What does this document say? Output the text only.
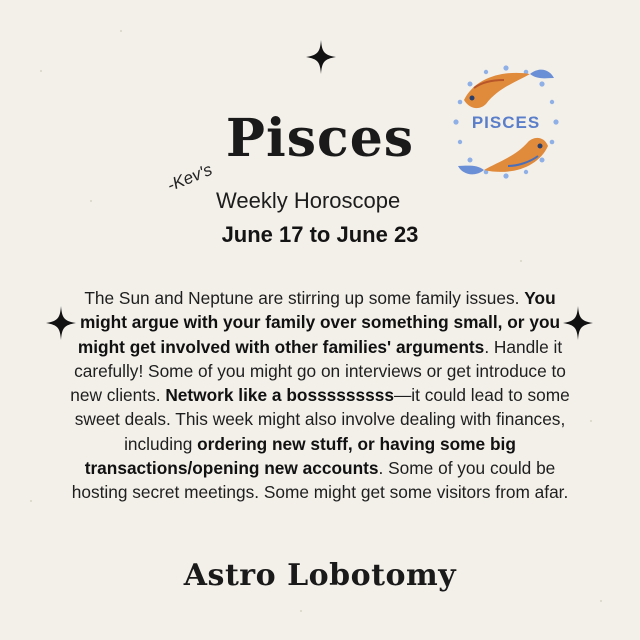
PISCES
Pisces
-Kev's
Weekly Horoscope
June 17 to June 23

The Sun and Neptune are stirring up some family issues. You might argue with your family over something small, or you might get involved with other families' arguments. Handle it carefully! Some of you might go on interviews or get introduce to new clients. Network like a bosssssssss—it could lead to some sweet deals. This week might also involve dealing with finances, including ordering new stuff, or having some big transactions/opening new accounts. Some of you could be hosting secret meetings. Some might get some visitors from afar.

Astro Lobotomy
